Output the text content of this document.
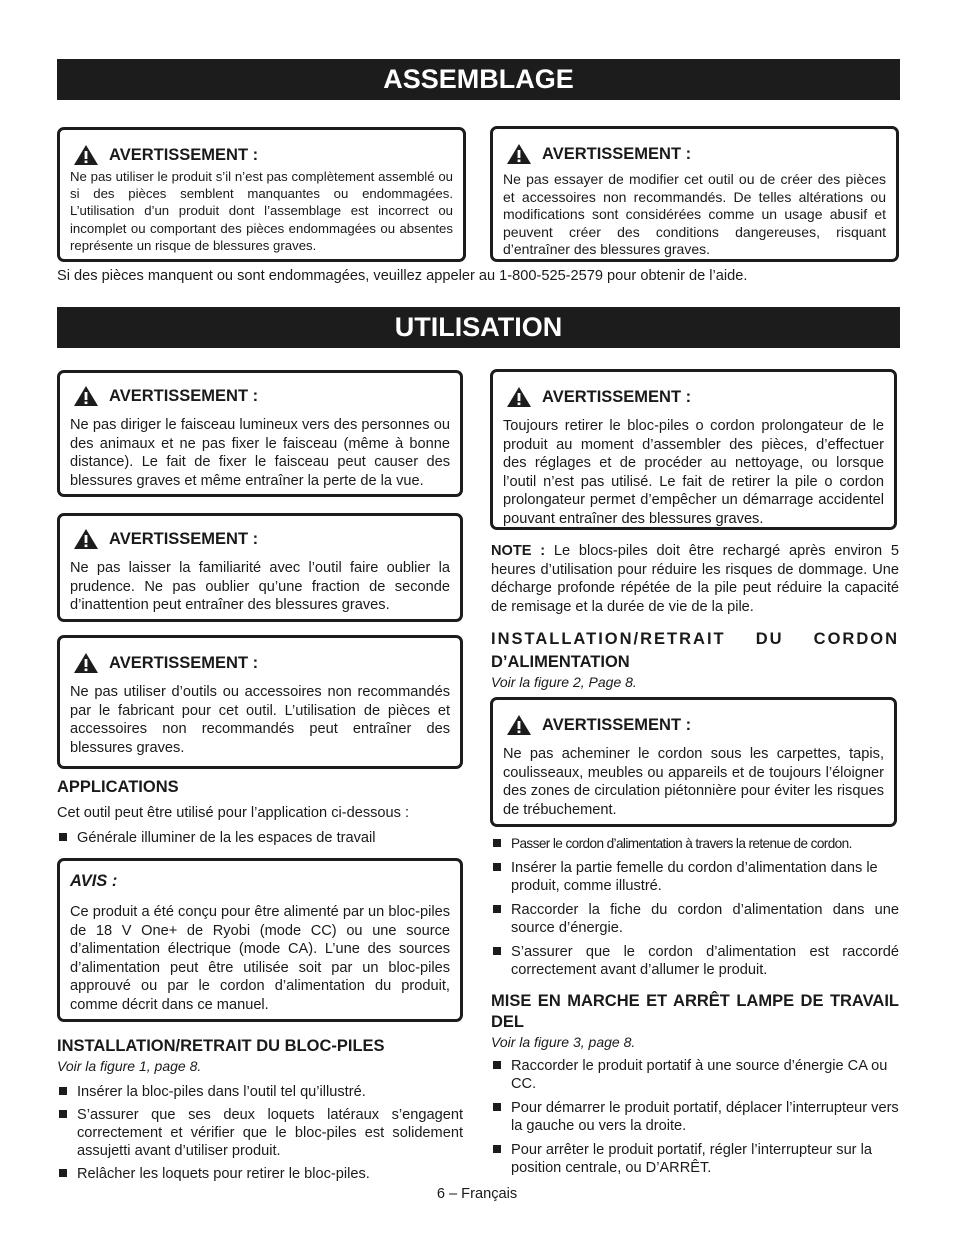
ASSEMBLAGE
AVERTISSEMENT :

Ne pas utiliser le produit s’il n’est pas complètement assemblé ou si des pièces semblent manquantes ou endommagées. L’utilisation d’un produit dont l’assemblage est incorrect ou incomplet ou comportant des pièces endommagées ou absentes représente un risque de blessures graves.

AVERTISSEMENT :

Ne pas essayer de modifier cet outil ou de créer des pièces et accessoires non recommandés. De telles altérations ou modifications sont considérées comme un usage abusif et peuvent créer des conditions dangereuses, risquant d’entraîner des blessures graves.

Si des pièces manquent ou sont endommagées, veuillez appeler au 1-800-525-2579 pour obtenir de l’aide.
UTILISATION
AVERTISSEMENT :

Ne pas diriger le faisceau lumineux vers des personnes ou des animaux et ne pas fixer le faisceau (même à bonne distance). Le fait de fixer le faisceau peut causer des blessures graves et même entraîner la perte de la vue.

AVERTISSEMENT :

Ne pas laisser la familiarité avec l’outil faire oublier la prudence. Ne pas oublier qu’une fraction de seconde d’inattention peut entraîner des blessures graves.

AVERTISSEMENT :

Ne pas utiliser d’outils ou accessoires non recommandés par le fabricant pour cet outil. L’utilisation de pièces et accessoires non recommandés peut entraîner des blessures graves.

APPLICATIONS
Cet outil peut être utilisé pour l’application ci-dessous :
Générale illuminer de la les espaces de travail
AVIS :

Ce produit a été conçu pour être alimenté par un bloc-piles de 18 V One+ de Ryobi (mode CC) ou une source d’alimentation électrique (mode CA). L’une des sources d’alimentation peut être utilisée soit par un bloc-piles approuvé ou par le cordon d’alimentation du produit, comme décrit dans ce manuel.

INSTALLATION/RETRAIT DU BLOC-PILES
Voir la figure 1, page 8.
Insérer la bloc-piles dans l’outil tel qu’illustré.
S’assurer que ses deux loquets latéraux s’engagent correctement et vérifier que le bloc-piles est solidement assujetti avant d’utiliser produit.
Relâcher les loquets pour retirer le bloc-piles.
AVERTISSEMENT :

Toujours retirer le bloc-piles o cordon prolongateur de le produit au moment d’assembler des pièces, d’effectuer des réglages et de procéder au nettoyage, ou lorsque l’outil n’est pas utilisé. Le fait de retirer la pile o cordon prolongateur permet d’empêcher un démarrage accidentel pouvant entraîner des blessures graves.

NOTE : Le blocs-piles doit être rechargé après environ 5 heures d’utilisation pour réduire les risques de dommage. Une décharge profonde répétée de la pile peut réduire la capacité de remisage et la durée de vie de la pile.
INSTALLATION/RETRAIT DU CORDON
D’ALIMENTATION
Voir la figure 2, Page 8.
AVERTISSEMENT :

Ne pas acheminer le cordon sous les carpettes, tapis, coulisseaux, meubles ou appareils et de toujours l’éloigner des zones de circulation piétonnière pour éviter les risques de trébuchement.

Passer le cordon d’alimentation à travers la retenue de cordon.
Insérer la partie femelle du cordon d’alimentation dans le produit, comme illustré.
Raccorder la fiche du cordon d’alimentation dans une source d’énergie.
S’assurer que le cordon d’alimentation est raccordé correctement avant d’allumer le produit.
MISE EN MARCHE ET ARRÊT LAMPE DE TRAVAIL DEL
Voir la figure 3, page 8.
Raccorder le produit portatif à une source d’énergie CA ou CC.
Pour démarrer le produit portatif, déplacer l’interrupteur vers la gauche ou vers la droite.
Pour arrêter le produit portatif, régler l’interrupteur sur la position centrale, ou D’ARRÊT.
6 – Français
